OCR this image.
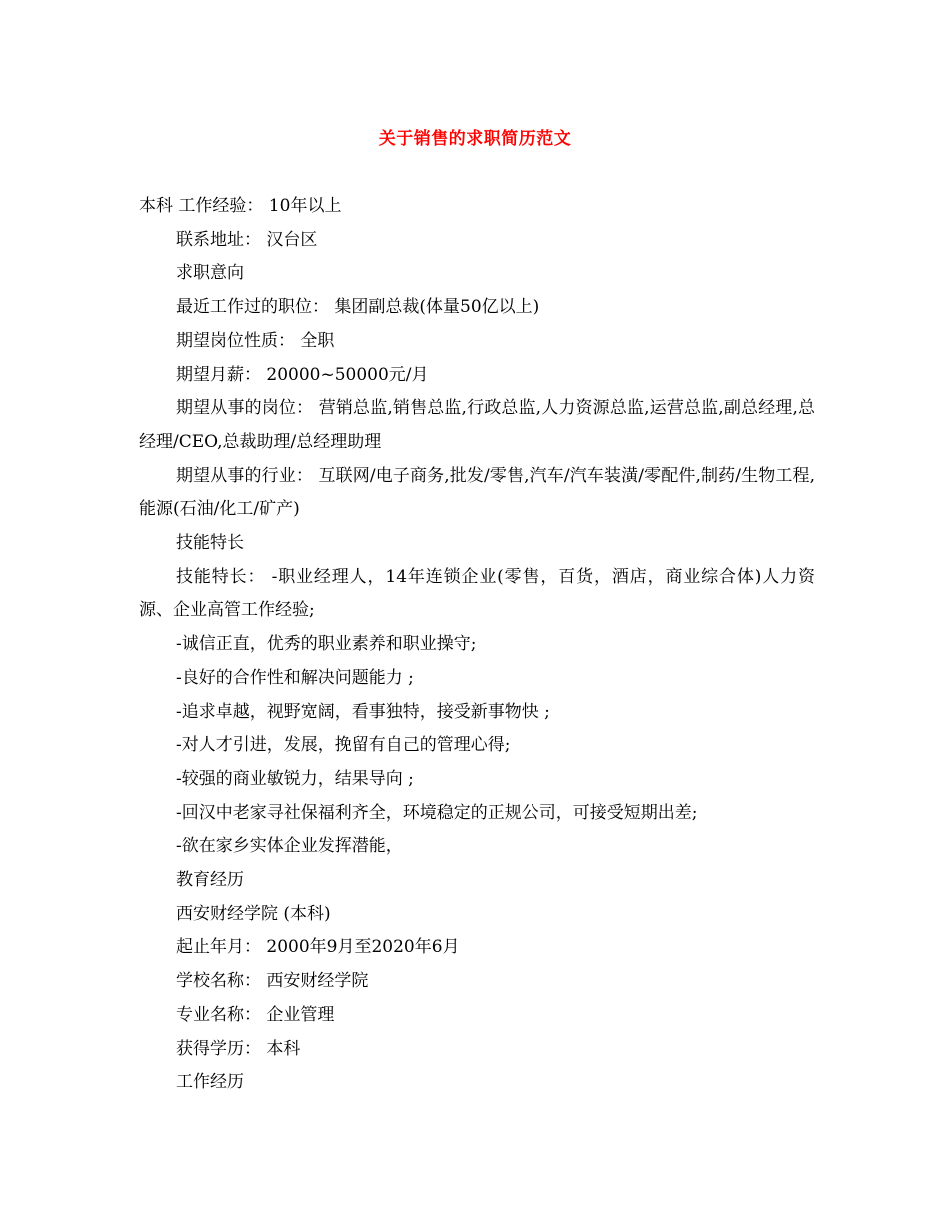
关于销售的求职简历范文
本科 工作经验： 10年以上
联系地址： 汉台区
求职意向
最近工作过的职位： 集团副总裁(体量50亿以上)
期望岗位性质： 全职
期望月薪： 20000~50000元/月
期望从事的岗位： 营销总监,销售总监,行政总监,人力资源总监,运营总监,副总经理,总经理/CEO,总裁助理/总经理助理
期望从事的行业： 互联网/电子商务,批发/零售,汽车/汽车装潢/零配件,制药/生物工程,能源(石油/化工/矿产)
技能特长
技能特长： -职业经理人，14年连锁企业(零售，百货，酒店，商业综合体)人力资源、企业高管工作经验;
-诚信正直，优秀的职业素养和职业操守;
-良好的合作性和解决问题能力 ;
-追求卓越，视野宽阔，看事独特，接受新事物快 ;
-对人才引进，发展，挽留有自己的管理心得;
-较强的商业敏锐力，结果导向 ;
-回汉中老家寻社保福利齐全，环境稳定的正规公司，可接受短期出差;
-欲在家乡实体企业发挥潜能，
教育经历
西安财经学院 (本科)
起止年月： 2000年9月至2020年6月
学校名称： 西安财经学院
专业名称： 企业管理
获得学历： 本科
工作经历
